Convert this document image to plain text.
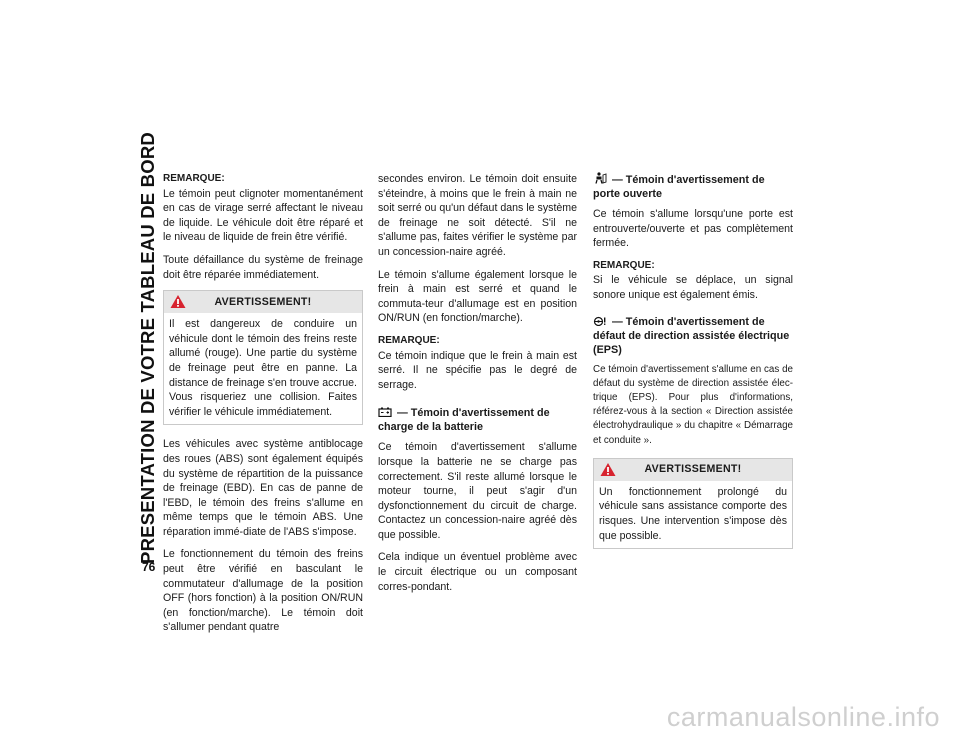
PRESENTATION DE VOTRE TABLEAU DE BORD
76

REMARQUE:

Le témoin peut clignoter momentanément en cas de virage serré affectant le niveau de liquide. Le véhicule doit être réparé et le niveau de liquide de frein être vérifié.

Toute défaillance du système de freinage doit être réparée immédiatement.

AVERTISSEMENT!

Il est dangereux de conduire un véhicule dont le témoin des freins reste allumé (rouge). Une partie du système de freinage peut être en panne. La distance de freinage s'en trouve accrue. Vous risqueriez une collision. Faites vérifier le véhicule immédiatement.

Les véhicules avec système antiblocage des roues (ABS) sont également équipés du système de répartition de la puissance de freinage (EBD). En cas de panne de l'EBD, le témoin des freins s'allume en même temps que le témoin ABS. Une réparation immé-diate de l'ABS s'impose.

Le fonctionnement du témoin des freins peut être vérifié en basculant le commutateur d'allumage de la position OFF (hors fonction) à la position ON/RUN (en fonction/marche). Le témoin doit s'allumer pendant quatre

secondes environ. Le témoin doit ensuite s'éteindre, à moins que le frein à main ne soit serré ou qu'un défaut dans le système de freinage ne soit détecté. S'il ne s'allume pas, faites vérifier le système par un concession-naire agréé.

Le témoin s'allume également lorsque le frein à main est serré et quand le commuta-teur d'allumage est en position ON/RUN (en fonction/marche).

REMARQUE:

Ce témoin indique que le frein à main est serré. Il ne spécifie pas le degré de serrage.

— Témoin d'avertissement de charge de la batterie

Ce témoin d'avertissement s'allume lorsque la batterie ne se charge pas correctement. S'il reste allumé lorsque le moteur tourne, il peut s'agir d'un dysfonctionnement du circuit de charge. Contactez un concession-naire agréé dès que possible.

Cela indique un éventuel problème avec le circuit électrique ou un composant corres-pondant.

— Témoin d'avertissement de porte ouverte

Ce témoin s'allume lorsqu'une porte est entrouverte/ouverte et pas complètement fermée.

REMARQUE:

Si le véhicule se déplace, un signal sonore unique est également émis.

— Témoin d'avertissement de défaut de direction assistée électrique (EPS)

Ce témoin d'avertissement s'allume en cas de défaut du système de direction assistée élec-trique (EPS). Pour plus d'informations, référez-vous à la section « Direction assistée électrohydraulique » du chapitre « Démarrage et conduite ».

AVERTISSEMENT!

Un fonctionnement prolongé du véhicule sans assistance comporte des risques. Une intervention s'impose dès que possible.

carmanualsonline.info
